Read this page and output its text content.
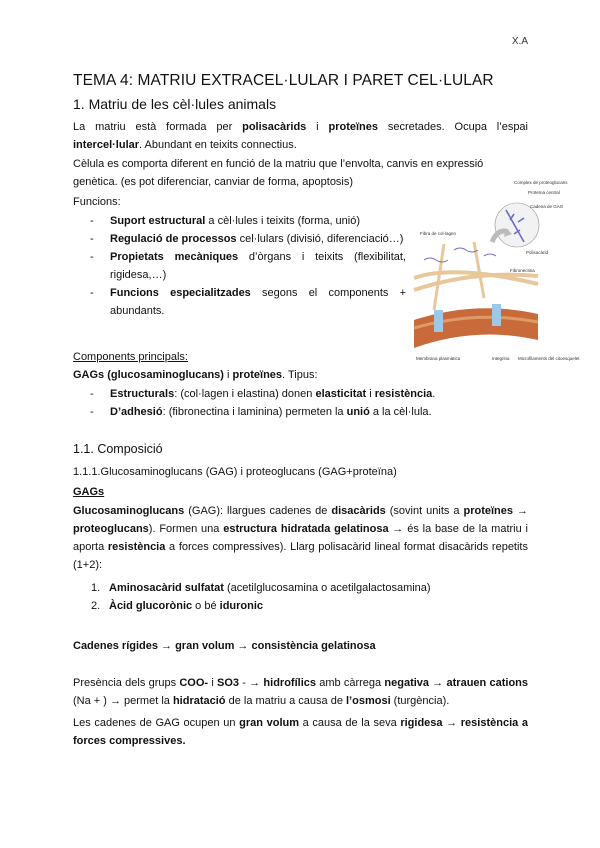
X.A
TEMA 4: MATRIU EXTRACEL·LULAR I PARET CEL·LULAR
1. Matriu de les cèl·lules animals
La matriu està formada per polisacàrids i proteïnes secretades. Ocupa l’espai intercel·lular. Abundant en teixits connectius.
Cèlula es comporta diferent en funció de la matriu que l’envolta, canvis en expressió genètica. (es pot diferenciar, canviar de forma, apoptosis)
Funcions:
- Suport estructural a cèl·lules i teixits (forma, unió)
- Regulació de processos cel·lulars (divisió, diferenciació…)
- Propietats mecàniques d’òrgans i teixits (flexibilitat, rigidesa,…)
- Funcions especialitzades segons el components + abundants.
Complex de proteoglucans
Proteïna central
Cadena de GAG
Polisacàrid
Fibra de col·lagen
Fibronectina
Membrana plasmàtica	Integrina Microfilaments del citoesquelet
Components principals:
GAGs (glucosaminoglucans) i proteïnes. Tipus:
- Estructurals: (col·lagen i elastina) donen elasticitat i resistència.
- D’adhesió: (fibronectina i laminina) permeten la unió a la cèl·lula.
1.1. Composició
1.1.1.Glucosaminoglucans (GAG) i proteoglucans (GAG+proteïna)
GAGs
Glucosaminoglucans (GAG): llargues cadenes de disacàrids (sovint units a proteïnes → proteoglucans). Formen una estructura hidratada gelatinosa → és la base de la matriu i aporta resistència a forces compressives). Llarg polisacàrid lineal format disacàrids repetits (1+2):
1. Aminosacàrid sulfatat (acetilglucosamina o acetilgalactosamina)
2. Àcid glucorònic o bé iduronic
Cadenes rígides → gran volum → consistència gelatinosa
Presència dels grups COO- i SO3 - → hidrofílics amb càrrega negativa → atrauen cations (Na + ) → permet la hidratació de la matriu a causa de l’osmosi (turgència).
Les cadenes de GAG ocupen un gran volum a causa de la seva rigidesa → resistència a forces compressives.
